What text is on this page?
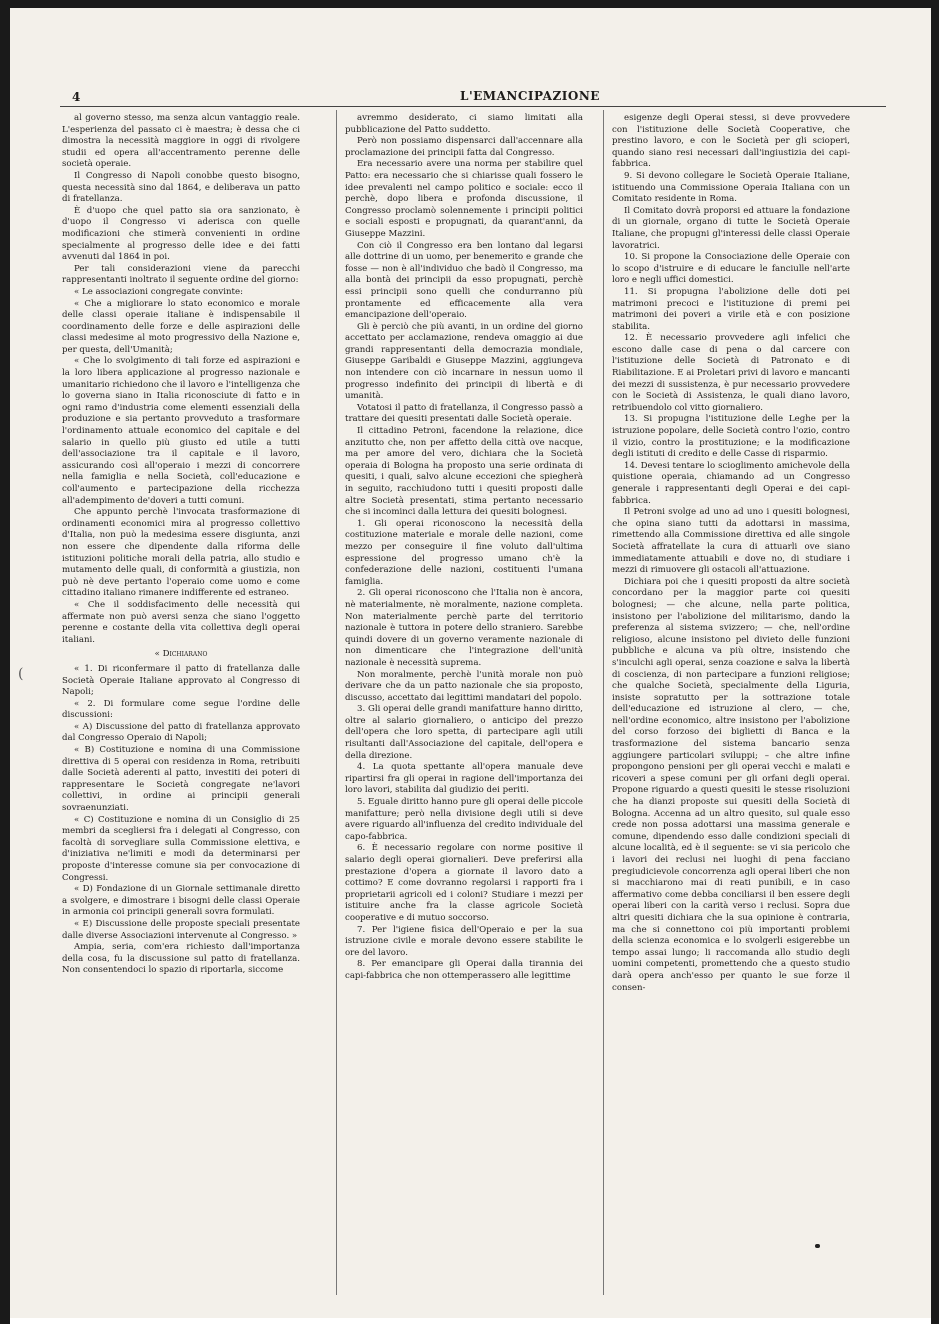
4	L'EMANCIPAZIONE

al governo stesso, ma senza alcun vantaggio reale. L'esperienza del passato ci è maestra; è dessa che ci dimostra la necessità maggiore in oggi di rivolgere studii ed opera all'accentramento perenne delle società operaie.

Il Congresso di Napoli conobbe questo bisogno, questa necessità sino dal 1864, e deliberava un patto di fratellanza.

È d'uopo che quel patto sia ora sanzionato, è d'uopo il Congresso vi aderisca con quelle modificazioni che stimerà convenienti in ordine specialmente al progresso delle idee e dei fatti avvenuti dal 1864 in poi.

Per tali considerazioni viene da parecchi rappresentanti inoltrato il seguente ordine del giorno:

« Le associazioni congregate convinte:

« Che a migliorare lo stato economico e morale delle classi operaie italiane è indispensabile il coordinamento delle forze e delle aspirazioni delle classi medesime al moto progressivo della Nazione e, per questa, dell'Umanità;

« Che lo svolgimento di tali forze ed aspirazioni e la loro libera applicazione al progresso nazionale e umanitario richiedono che il lavoro e l'intelligenza che lo governa siano in Italia riconosciute di fatto e in ogni ramo d'industria come elementi essenziali della produzione e sia pertanto provveduto a trasformare l'ordinamento attuale economico del capitale e del salario in quello più giusto ed utile a tutti dell'associazione tra il capitale e il lavoro, assicurando così all'operaio i mezzi di concorrere nella famiglia e nella Società, coll'educazione e coll'aumento e partecipazione della ricchezza all'adempimento de'doveri a tutti comuni.

Che appunto perchè l'invocata trasformazione di ordinamenti economici mira al progresso collettivo d'Italia, non può la medesima essere disgiunta, anzi non essere che dipendente dalla riforma delle istituzioni politiche morali della patria, allo studio e mutamento delle quali, di conformità a giustizia, non può nè deve pertanto l'operaio come uomo e come cittadino italiano rimanere indifferente ed estraneo.

« Che il soddisfacimento delle necessità qui affermate non può aversi senza che siano l'oggetto perenne e costante della vita collettiva degli operai italiani.

« Dichiarano

« 1. Di riconfermare il patto di fratellanza dalle Società Operaie Italiane approvato al Congresso di Napoli;

« 2. Di formulare come segue l'ordine delle discussioni:

« A) Discussione del patto di fratellanza approvato dal Congresso Operaio di Napoli;

« B) Costituzione e nomina di una Commissione direttiva di 5 operai con residenza in Roma, retribuiti dalle Società aderenti al patto, investiti dei poteri di rappresentare le Società congregate ne'lavori collettivi, in ordine ai principii generali sovraenunziati.

« C) Costituzione e nomina di un Consiglio di 25 membri da scegliersi fra i delegati al Congresso, con facoltà di sorvegliare sulla Commissione elettiva, e d'iniziativa ne'limiti e modi da determinarsi per proposte d'interesse comune sia per convocazione di Congressi.

« D) Fondazione di un Giornale settimanale diretto a svolgere, e dimostrare i bisogni delle classi Operaie in armonia coi principii generali sovra formulati.

« E) Discussione delle proposte speciali presentate dalle diverse Associazioni intervenute al Congresso. »

Ampia, seria, com'era richiesto dall'importanza della cosa, fu la discussione sul patto di fratellanza. Non consentendoci lo spazio di riportarla, siccome

avremmo desiderato, ci siamo limitati alla pubblicazione del Patto suddetto.

Però non possiamo dispensarci dall'accennare alla proclamazione dei principii fatta dal Congresso.

Era necessario avere una norma per stabilire quel Patto: era necessario che si chiarisse quali fossero le idee prevalenti nel campo politico e sociale: ecco il perchè, dopo libera e profonda discussione, il Congresso proclamò solennemente i principii politici e sociali esposti e propugnati, da quarant'anni, da Giuseppe Mazzini.

Con ciò il Congresso era ben lontano dal legarsi alle dottrine di un uomo, per benemerito e grande che fosse — non è all'individuo che badò il Congresso, ma alla bontà dei principii da esso propugnati, perchè essi principii sono quelli che condurranno più prontamente ed efficacemente alla vera emancipazione dell'operaio.

Gli è perciò che più avanti, in un ordine del giorno accettato per acclamazione, rendeva omaggio ai due grandi rappresentanti della democrazia mondiale, Giuseppe Garibaldi e Giuseppe Mazzini, aggiungeva non intendere con ciò incarnare in nessun uomo il progresso indefinito dei principii di libertà e di umanità.

Votatosi il patto di fratellanza, il Congresso passò a trattare dei quesiti presentati dalle Società operaie.

Il cittadino Petroni, facendone la relazione, dice anzitutto che, non per affetto della città ove nacque, ma per amore del vero, dichiara che la Società operaia di Bologna ha proposto una serie ordinata di quesiti, i quali, salvo alcune eccezioni che spiegherà in seguito, racchiudono tutti i quesiti proposti dalle altre Società presentati, stima pertanto necessario che si incominci dalla lettura dei quesiti bolognesi.

1. Gli operai riconoscono la necessità della costituzione materiale e morale delle nazioni, come mezzo per conseguire il fine voluto dall'ultima espressione del progresso umano ch'è la confederazione delle nazioni, costituenti l'umana famiglia.

2. Gli operai riconoscono che l'Italia non è ancora, nè materialmente, nè moralmente, nazione completa. Non materialmente perchè parte del territorio nazionale è tuttora in potere dello straniero. Sarebbe quindi dovere di un governo veramente nazionale di non dimenticare che l'integrazione dell'unità nazionale è necessità suprema.

Non moralmente, perchè l'unità morale non può derivare che da un patto nazionale che sia proposto, discusso, accettato dai legittimi mandatari del popolo.

3. Gli operai delle grandi manifatture hanno diritto, oltre al salario giornaliero, o anticipo del prezzo dell'opera che loro spetta, di partecipare agli utili risultanti dall'Associazione del capitale, dell'opera e della direzione.

4. La quota spettante all'opera manuale deve ripartirsi fra gli operai in ragione dell'importanza dei loro lavori, stabilita dal giudizio dei periti.

5. Eguale diritto hanno pure gli operai delle piccole manifatture; però nella divisione degli utili si deve avere riguardo all'influenza del credito individuale del capo-fabbrica.

6. È necessario regolare con norme positive il salario degli operai giornalieri. Deve preferirsi alla prestazione d'opera a giornate il lavoro dato a cottimo? E come dovranno regolarsi i rapporti fra i proprietarii agricoli ed i coloni? Studiare i mezzi per istituire anche fra la classe agricole Società cooperative e di mutuo soccorso.

7. Per l'igiene fisica dell'Operaio e per la sua istruzione civile e morale devono essere stabilite le ore del lavoro.

8. Per emancipare gli Operai dalla tirannia dei capi-fabbrica che non ottemperassero alle legittime

esigenze degli Operai stessi, si deve provvedere con l'istituzione delle Società Cooperative, che prestino lavoro, e con le Società per gli scioperi, quando siano resi necessari dall'ingiustizia dei capi-fabbrica.

9. Si devono collegare le Società Operaie Italiane, istituendo una Commissione Operaia Italiana con un Comitato residente in Roma.

Il Comitato dovrà proporsi ed attuare la fondazione di un giornale, organo di tutte le Società Operaie Italiane, che propugni gl'interessi delle classi Operaie lavoratrici.

10. Si propone la Consociazione delle Operaie con lo scopo d'istruire e di educare le fanciulle nell'arte loro e negli uffici domestici.

11. Si propugna l'abolizione delle doti pei matrimoni precoci e l'istituzione di premi pei matrimoni dei poveri a virile età e con posizione stabilita.

12. È necessario provvedere agli infelici che escono dalle case di pena o dal carcere con l'istituzione delle Società di Patronato e di Riabilitazione. E ai Proletari privi di lavoro e mancanti dei mezzi di sussistenza, è pur necessario provvedere con le Società di Assistenza, le quali diano lavoro, retribuendolo col vitto giornaliero.

13. Si propugna l'istituzione delle Leghe per la istruzione popolare, delle Società contro l'ozio, contro il vizio, contro la prostituzione; e la modificazione degli istituti di credito e delle Casse di risparmio.

14. Devesi tentare lo scioglimento amichevole della quistione operaia, chiamando ad un Congresso generale i rappresentanti degli Operai e dei capi-fabbrica.

Il Petroni svolge ad uno ad uno i quesiti bolognesi, che opina siano tutti da adottarsi in massima, rimettendo alla Commissione direttiva ed alle singole Società affratellate la cura di attuarli ove siano immediatamente attuabili e dove no, di studiare i mezzi di rimuovere gli ostacoli all'attuazione.

Dichiara poi che i quesiti proposti da altre società concordano per la maggior parte coi quesiti bolognesi; — che alcune, nella parte politica, insistono per l'abolizione del militarismo, dando la preferenza al sistema svizzero; — che, nell'ordine religioso, alcune insistono pel divieto delle funzioni pubbliche e alcuna va più oltre, insistendo che s'inculchi agli operai, senza coazione e salva la libertà di coscienza, di non partecipare a funzioni religiose; che qualche Società, specialmente della Liguria, insiste sopratutto per la sottrazione totale dell'educazione ed istruzione al clero, — che, nell'ordine economico, altre insistono per l'abolizione del corso forzoso dei biglietti di Banca e la trasformazione del sistema bancario senza aggiungere particolari sviluppi; – che altre infine propongono pensioni per gli operai vecchi e malati e ricoveri a spese comuni per gli orfani degli operai. Propone riguardo a questi quesiti le stesse risoluzioni che ha dianzi proposte sui quesiti della Società di Bologna. Accenna ad un altro quesito, sul quale esso crede non possa adottarsi una massima generale e comune, dipendendo esso dalle condizioni speciali di alcune località, ed è il seguente: se vi sia pericolo che i lavori dei reclusi nei luoghi di pena facciano pregiudicievole concorrenza agli operai liberi che non si macchiarono mai di reati punibili, e in caso affermativo come debba conciliarsi il ben essere degli operai liberi con la carità verso i reclusi. Sopra due altri quesiti dichiara che la sua opinione è contraria, ma che si connettono coi più importanti problemi della scienza economica e lo svolgerli esigerebbe un tempo assai lungo; li raccomanda allo studio degli uomini competenti, promettendo che a questo studio darà opera anch'esso per quanto le sue forze il consen-

(
